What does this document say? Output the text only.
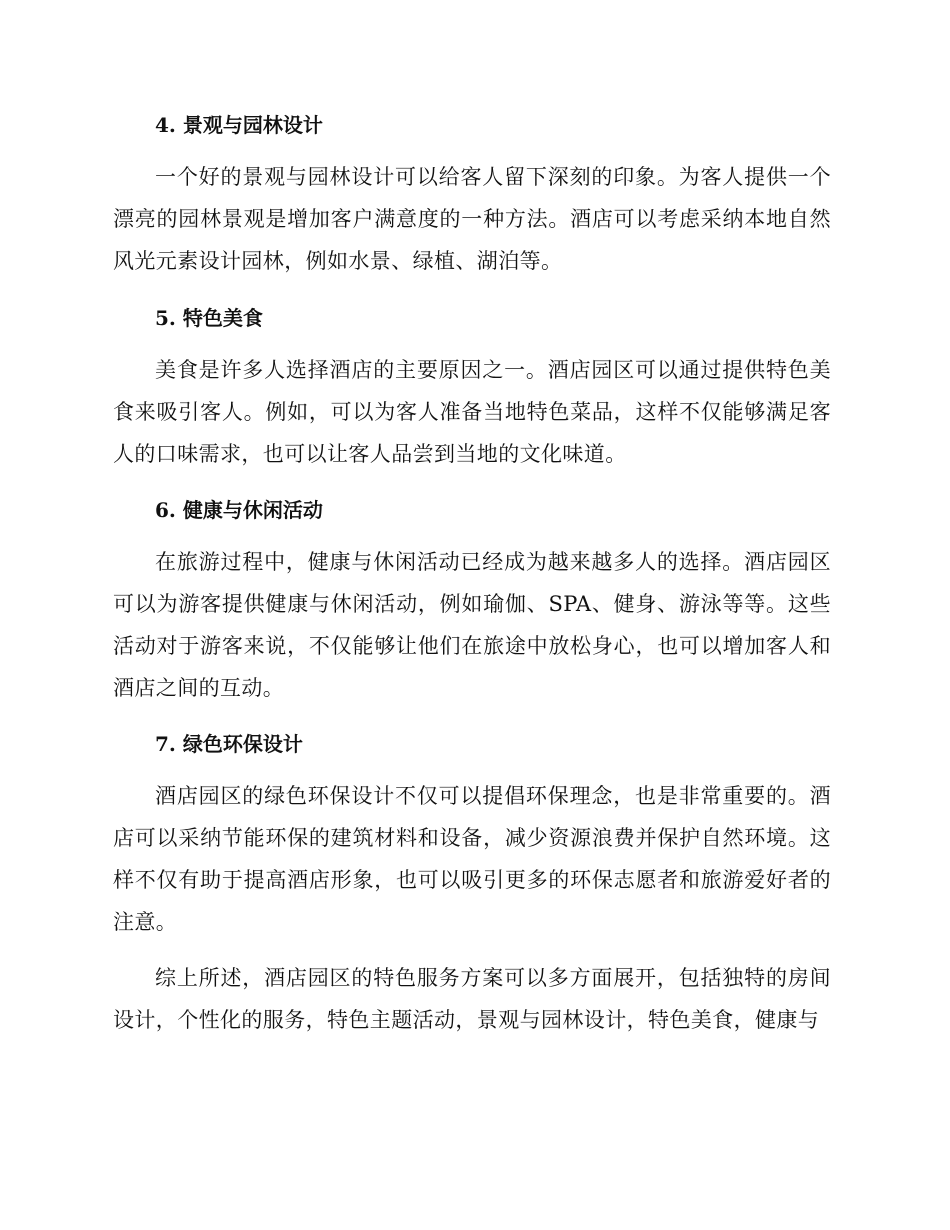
4. 景观与园林设计

一个好的景观与园林设计可以给客人留下深刻的印象。为客人提供一个漂亮的园林景观是增加客户满意度的一种方法。酒店可以考虑采纳本地自然风光元素设计园林，例如水景、绿植、湖泊等。

5. 特色美食

美食是许多人选择酒店的主要原因之一。酒店园区可以通过提供特色美食来吸引客人。例如，可以为客人准备当地特色菜品，这样不仅能够满足客人的口味需求，也可以让客人品尝到当地的文化味道。

6. 健康与休闲活动

在旅游过程中，健康与休闲活动已经成为越来越多人的选择。酒店园区可以为游客提供健康与休闲活动，例如瑜伽、SPA、健身、游泳等等。这些活动对于游客来说，不仅能够让他们在旅途中放松身心，也可以增加客人和酒店之间的互动。

7. 绿色环保设计

酒店园区的绿色环保设计不仅可以提倡环保理念，也是非常重要的。酒店可以采纳节能环保的建筑材料和设备，减少资源浪费并保护自然环境。这样不仅有助于提高酒店形象，也可以吸引更多的环保志愿者和旅游爱好者的注意。

综上所述，酒店园区的特色服务方案可以多方面展开，包括独特的房间设计，个性化的服务，特色主题活动，景观与园林设计，特色美食，健康与
